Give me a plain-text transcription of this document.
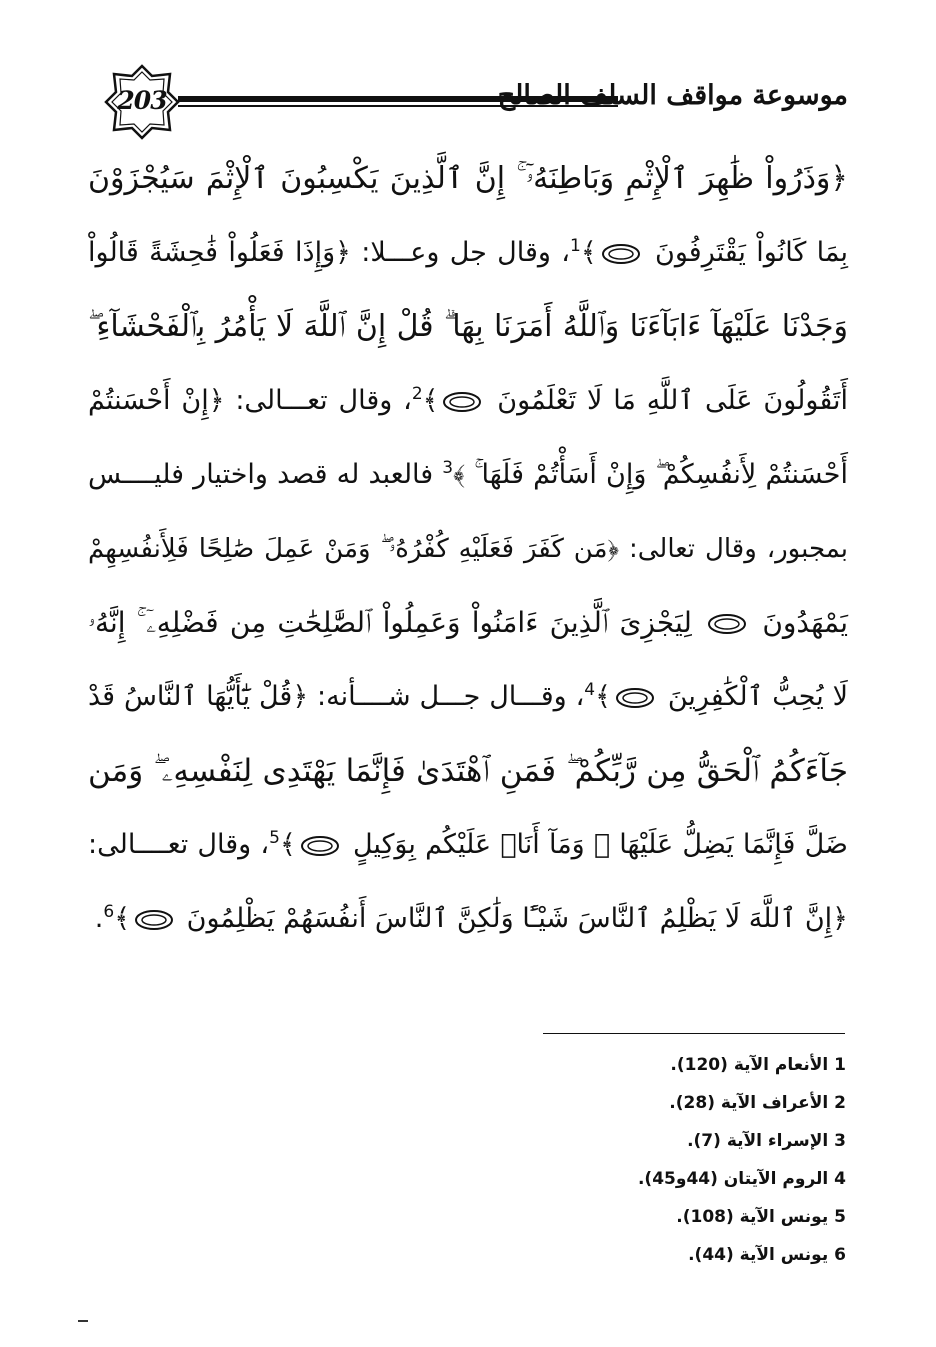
203	موسوعة مواقف السلف الصالح
﴿وَذَرُواْ ظَٰهِرَ ٱلْإِثْمِ وَبَاطِنَهُۥٓ ۚ إِنَّ ٱلَّذِينَ يَكْسِبُونَ ٱلْإِثْمَ سَيُجْزَوْنَ
بِمَا كَانُواْ يَقْتَرِفُونَ
﴾$^1$، وقال جل وعـــلا: ﴿وَإِذَا فَعَلُواْ فَٰحِشَةً قَالُواْ
وَجَدْنَا عَلَيْهَآ ءَابَآءَنَا وَٱللَّهُ أَمَرَنَا بِهَا ۗ قُلْ إِنَّ ٱللَّهَ لَا يَأْمُرُ بِٱلْفَحْشَآءِ ۖ
أَتَقُولُونَ عَلَى ٱللَّهِ مَا لَا تَعْلَمُونَ
﴾$^2$، وقال تعـــالى: ﴿إِنْ أَحْسَنتُمْ
أَحْسَنتُمْ لِأَنفُسِكُمْ ۖ وَإِنْ أَسَأْتُمْ فَلَهَا ۚ ﴾$^3$ فالعبد له قصد واختيار فليــــس
بمجبور، وقال تعالى: ﴿مَن كَفَرَ فَعَلَيْهِ كُفْرُهُۥ ۖ وَمَنْ عَمِلَ صَٰلِحًا فَلِأَنفُسِهِمْ
يَمْهَدُونَ
لِيَجْزِىَ ٱلَّذِينَ ءَامَنُواْ وَعَمِلُواْ ٱلصَّٰلِحَٰتِ مِن فَضْلِهِۦٓ ۚ إِنَّهُۥ
لَا يُحِبُّ ٱلْكَٰفِرِينَ
﴾$^4$، وقـــال جـــل شــــأنه: ﴿قُلْ يَٰٓأَيُّهَا ٱلنَّاسُ قَدْ
جَآءَكُمُ ٱلْحَقُّ مِن رَّبِّكُمْ ۖ فَمَنِ ٱهْتَدَىٰ فَإِنَّمَا يَهْتَدِى لِنَفْسِهِۦ ۖ وَمَن
ضَلَّ فَإِنَّمَا يَضِلُّ عَلَيْهَا ۖ وَمَآ أَنَا۠ عَلَيْكُم بِوَكِيلٍ
﴾$^5$، وقال تعــــالى:
﴿إِنَّ ٱللَّهَ لَا يَظْلِمُ ٱلنَّاسَ شَيْـًٔا وَلَٰكِنَّ ٱلنَّاسَ أَنفُسَهُمْ يَظْلِمُونَ
﴾$^6$.
1 الأنعام الآية (120).
2 الأعراف الآية (28).
3 الإسراء الآية (7).
4 الروم الآيتان (44و45).
5 يونس الآية (108).
6 يونس الآية (44).
